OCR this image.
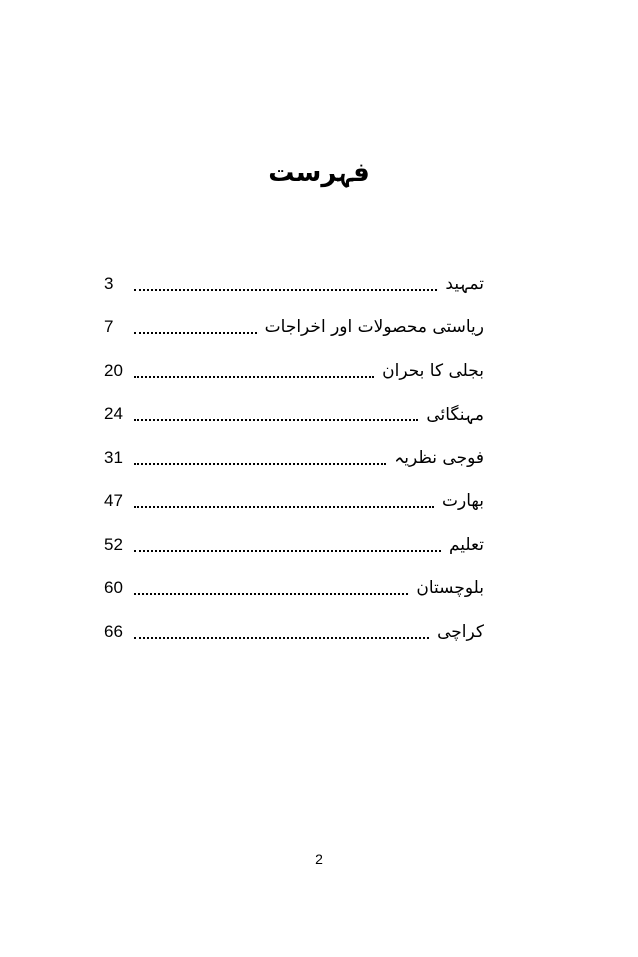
فہرست
3	تمہید
7	ریاستی محصولات اور اخراجات
20	بجلی کا بحران
24	مہنگائی
31	فوجی نظریہ
47	بھارت
52	تعلیم
60	بلوچستان
66	کراچی
2
